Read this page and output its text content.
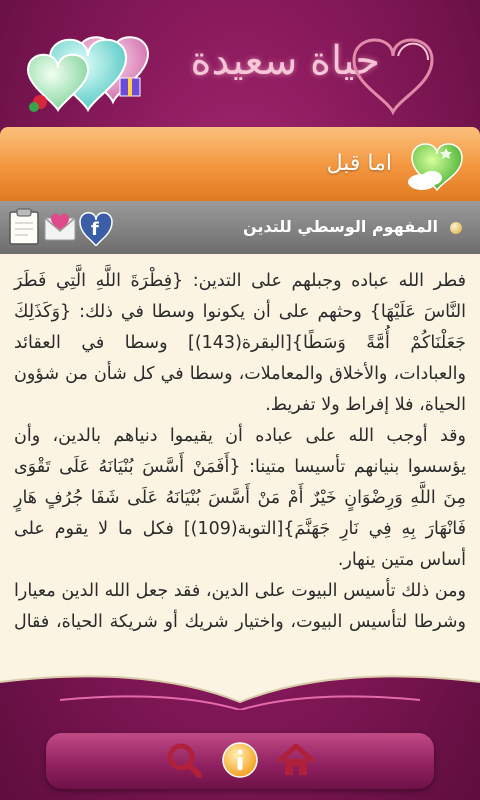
حياة سعيدة
اما قبل
المفهوم الوسطي للتدين
f

فطر الله عباده وجبلهم على التدين: {فِطْرَةَ اللَّهِ الَّتِي فَطَرَ النَّاسَ عَلَيْهَا} وحثهم على أن يكونوا وسطا في ذلك: {وَكَذَلِكَ جَعَلْنَاكُمْ أُمَّةً وَسَطًا}[البقرة(143)] وسطا في العقائد والعبادات، والأخلاق والمعاملات، وسطا في كل شأن من شؤون الحياة، فلا إفراط ولا تفريط.

وقد أوجب الله على عباده أن يقيموا دنياهم بالدين، وأن يؤسسوا بنيانهم تأسيسا متينا: {أَفَمَنْ أَسَّسَ بُنْيَانَهُ عَلَى تَقْوَى مِنَ اللَّهِ وَرِضْوَانٍ خَيْرٌ أَمْ مَنْ أَسَّسَ بُنْيَانَهُ عَلَى شَفَا جُرُفٍ هَارٍ فَانْهَارَ بِهِ فِي نَارِ جَهَنَّمَ}[التوبة(109)] فكل ما لا يقوم على أساس متين ينهار.

ومن ذلك تأسيس البيوت على الدين، فقد جعل الله الدين معيارا وشرطا لتأسيس البيوت، واختيار شريك أو شريكة الحياة، فقال
